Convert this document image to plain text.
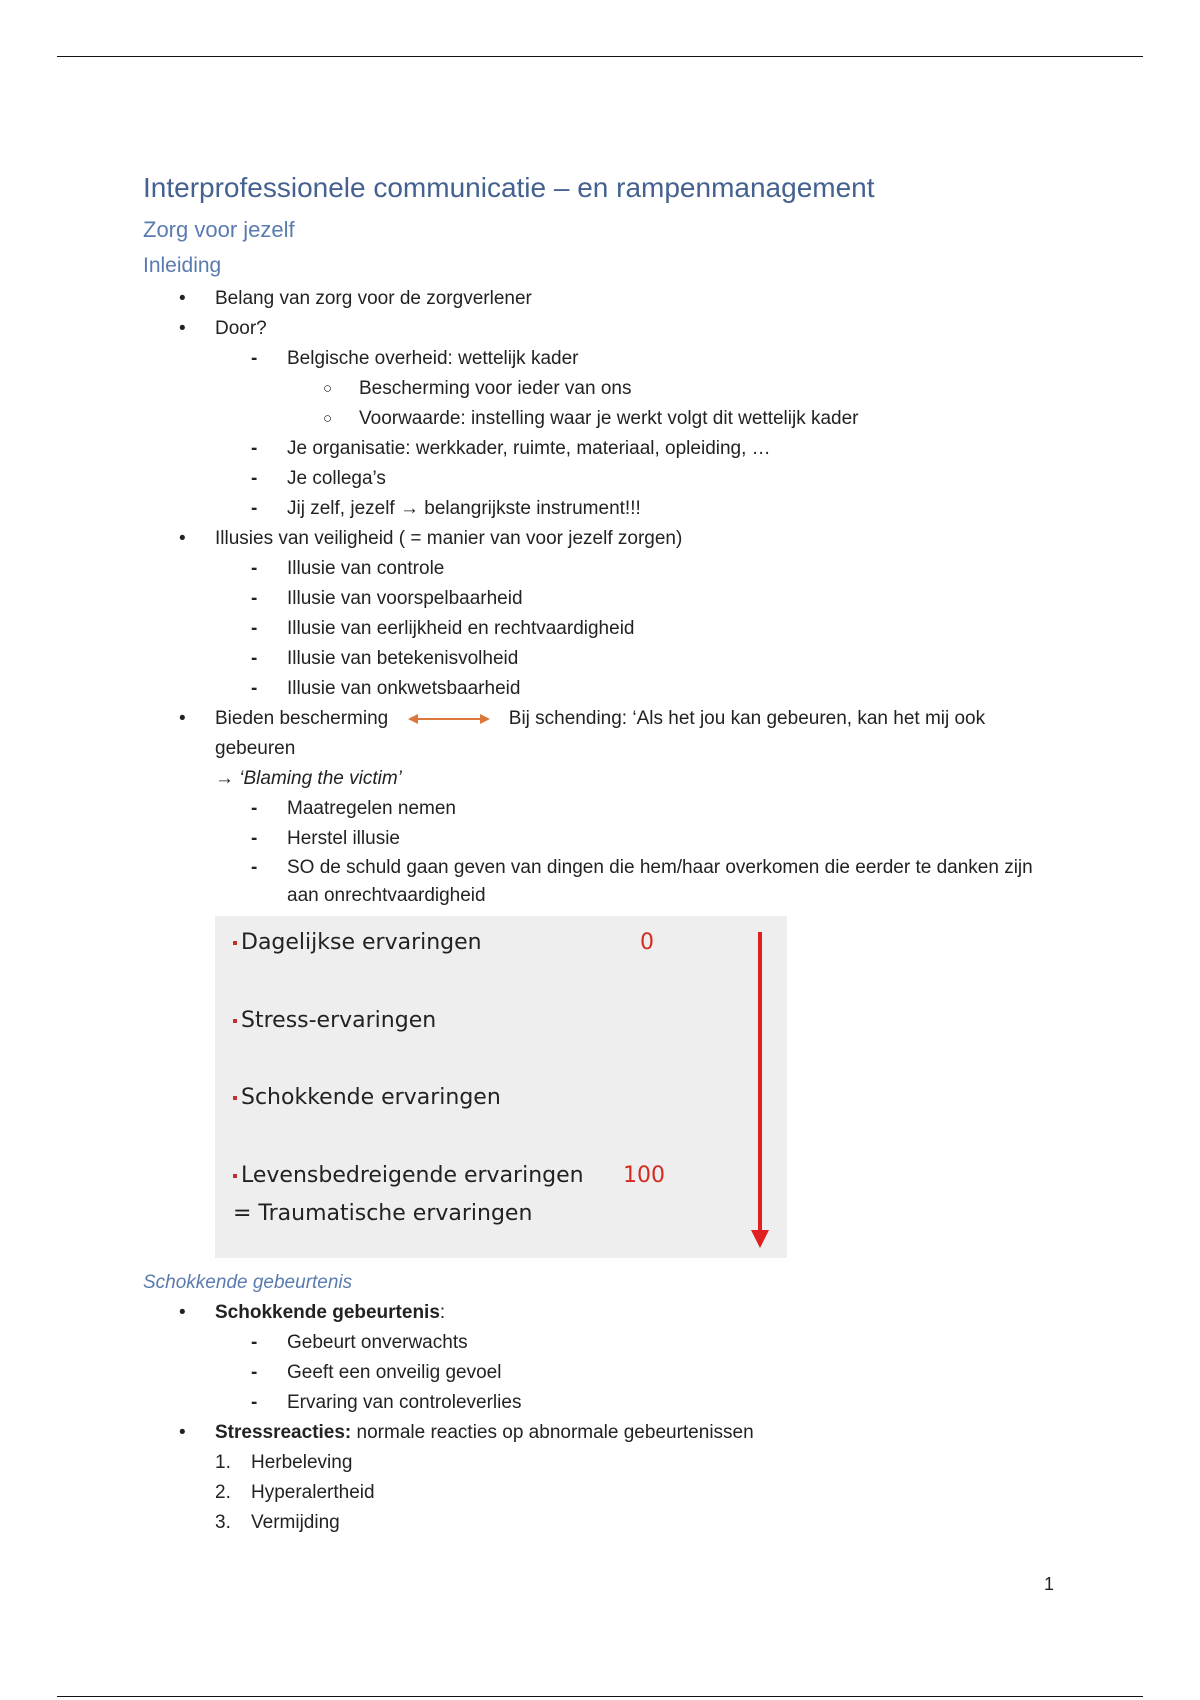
Interprofessionele communicatie – en rampenmanagement
Zorg voor jezelf
Inleiding
• Belang van zorg voor de zorgverlener
• Door?
- Belgische overheid: wettelijk kader
○ Bescherming voor ieder van ons
○ Voorwaarde: instelling waar je werkt volgt dit wettelijk kader
- Je organisatie: werkkader, ruimte, materiaal, opleiding, …
- Je collega’s
- Jij zelf, jezelf → belangrijkste instrument!!!
• Illusies van veiligheid ( = manier van voor jezelf zorgen)
- Illusie van controle
- Illusie van voorspelbaarheid
- Illusie van eerlijkheid en rechtvaardigheid
- Illusie van betekenisvolheid
- Illusie van onkwetsbaarheid
• Bieden bescherming	Bij schending: ‘Als het jou kan gebeuren, kan het mij ook
gebeuren
→ ‘Blaming the victim’
- Maatregelen nemen
- Herstel illusie
- SO de schuld gaan geven van dingen die hem/haar overkomen die eerder te danken zijn aan onrechtvaardigheid
Dagelijkse ervaringen	0
Stress-ervaringen
Schokkende ervaringen
Levensbedreigende ervaringen 100
= Traumatische ervaringen
Schokkende gebeurtenis
• Schokkende gebeurtenis:
- Gebeurt onverwachts
- Geeft een onveilig gevoel
- Ervaring van controleverlies
• Stressreacties: normale reacties op abnormale gebeurtenissen
1. Herbeleving
2. Hyperalertheid
3. Vermijding
1
